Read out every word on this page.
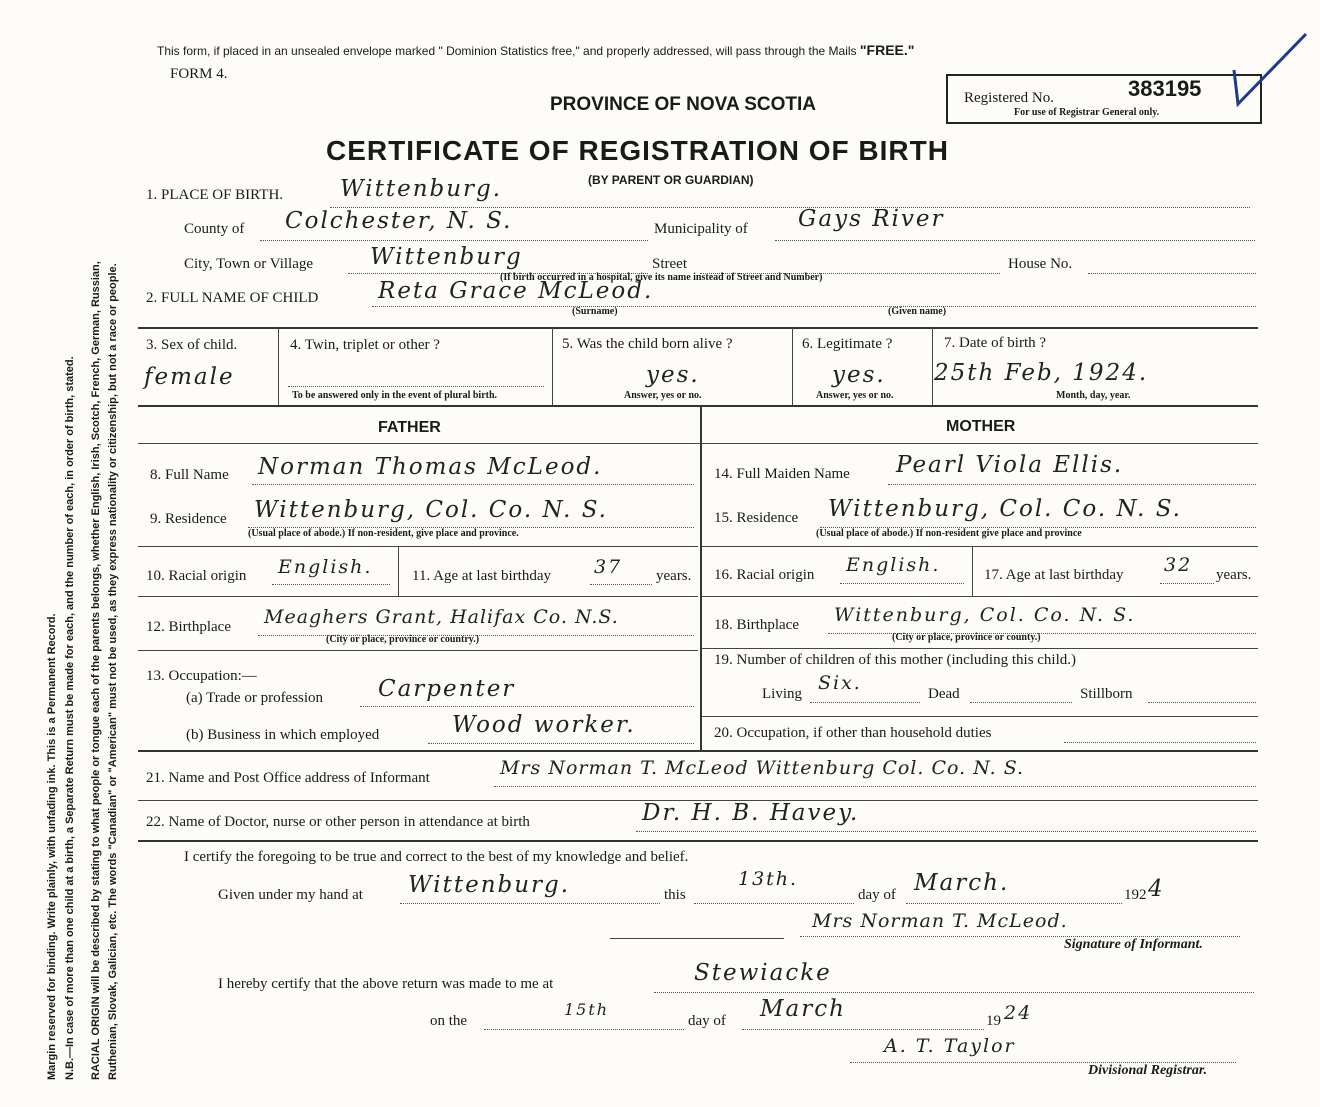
Margin reserved for binding. Write plainly, with unfading ink. This is a Permanent Record. N.B.—In case of more than one child at a birth, a Separate Return must be made for each, and the number of each, in order of birth, stated. RACIAL ORIGIN will be described by stating to what people or tongue each of the parents belongs, whether English, Irish, Scotch, French, German, Russian, Ruthenian, Slovak, Galician, etc. The words "Canadian" or "American" must not be used, as they express nationality or citizenship, but not a race or people.
This form, if placed in an unsealed envelope marked " Dominion Statistics free," and properly addressed, will pass through the Mails "FREE."
FORM 4.
PROVINCE OF NOVA SCOTIA
CERTIFICATE OF REGISTRATION OF BIRTH
(BY PARENT OR GUARDIAN)
Registered No.	383195
For use of Registrar General only.
1. PLACE OF BIRTH. Wittenburg.
County of Colchester, N. S.	Municipality of Gays River
City, Town or Village Wittenburg	Street	House No.
(If birth occurred in a hospital, give its name instead of Street and Number)
2. FULL NAME OF CHILD	Reta Grace McLeod.
(Surname)	(Given name)
3. Sex of child.
female
4. Twin, triplet or other ?
To be answered only in the event of plural birth.
5. Was the child born alive ?
yes.
Answer, yes or no.
6. Legitimate ?
yes.
Answer, yes or no.
7. Date of birth ?
25th Feb, 1924.
Month, day, year.
FATHER	MOTHER
8. Full Name Norman Thomas McLeod.
9. Residence Wittenburg, Col. Co. N. S.
(Usual place of abode.) If non-resident, give place and province.
10. Racial origin English.	11. Age at last birthday 37 years.
12. Birthplace Meaghers Grant, Halifax Co. N.S.
(City or place, province or country.)
13. Occupation:—
(a) Trade or profession Carpenter
(b) Business in which employed	Wood worker.
14. Full Maiden Name Pearl Viola Ellis.
15. Residence Wittenburg, Col. Co. N. S.
(Usual place of abode.) If non-resident give place and province
16. Racial origin English.	17. Age at last birthday 32 years.
18. Birthplace Wittenburg, Col. Co. N. S.
(City or place, province or county.)
19. Number of children of this mother (including this child.)
Living Six.	Dead	Stillborn
20. Occupation, if other than household duties
21. Name and Post Office address of Informant	Mrs Norman T. McLeod Wittenburg Col. Co. N. S.
22. Name of Doctor, nurse or other person in attendance at birth	Dr. H. B. Havey.
I certify the foregoing to be true and correct to the best of my knowledge and belief.
Given under my hand at Wittenburg.	this
13th.
day of March.	192 4
Mrs Norman T. McLeod.
Signature of Informant.
I hereby certify that the above return was made to me at	Stewiacke
on the
15th
day of March	19 24
A. T. Taylor
Divisional Registrar.
